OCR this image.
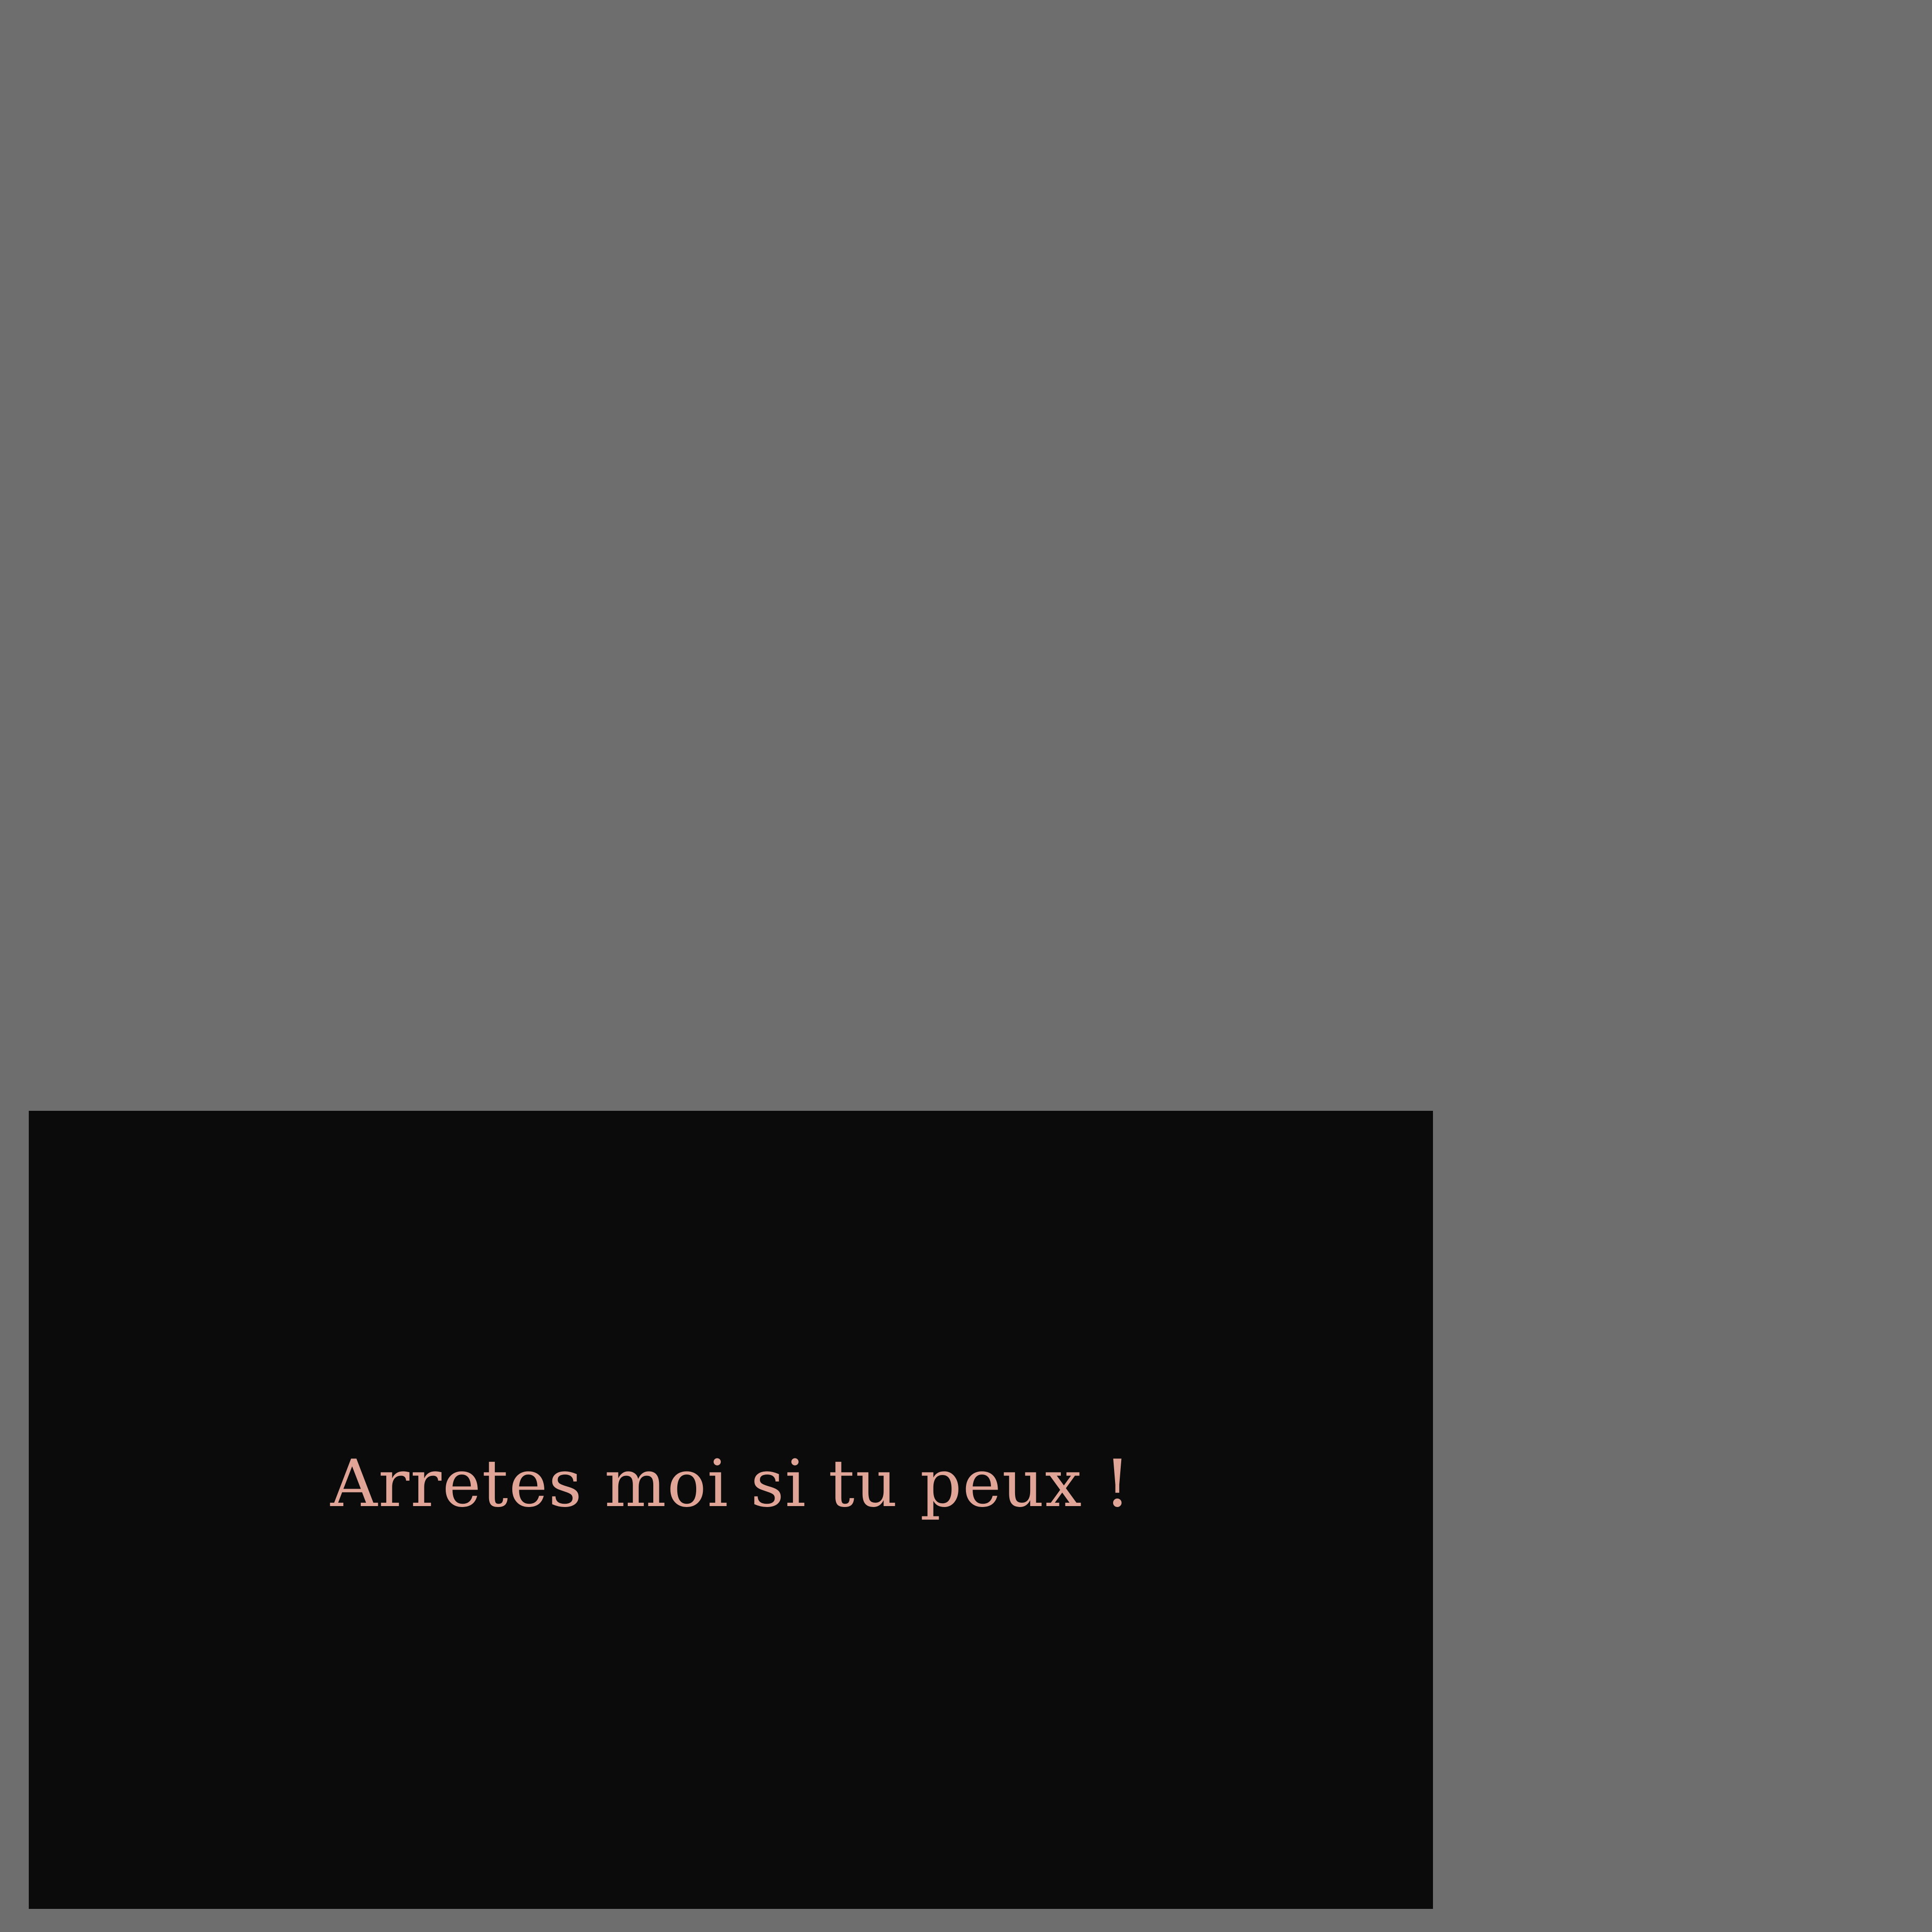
Arretes moi si tu peux !
